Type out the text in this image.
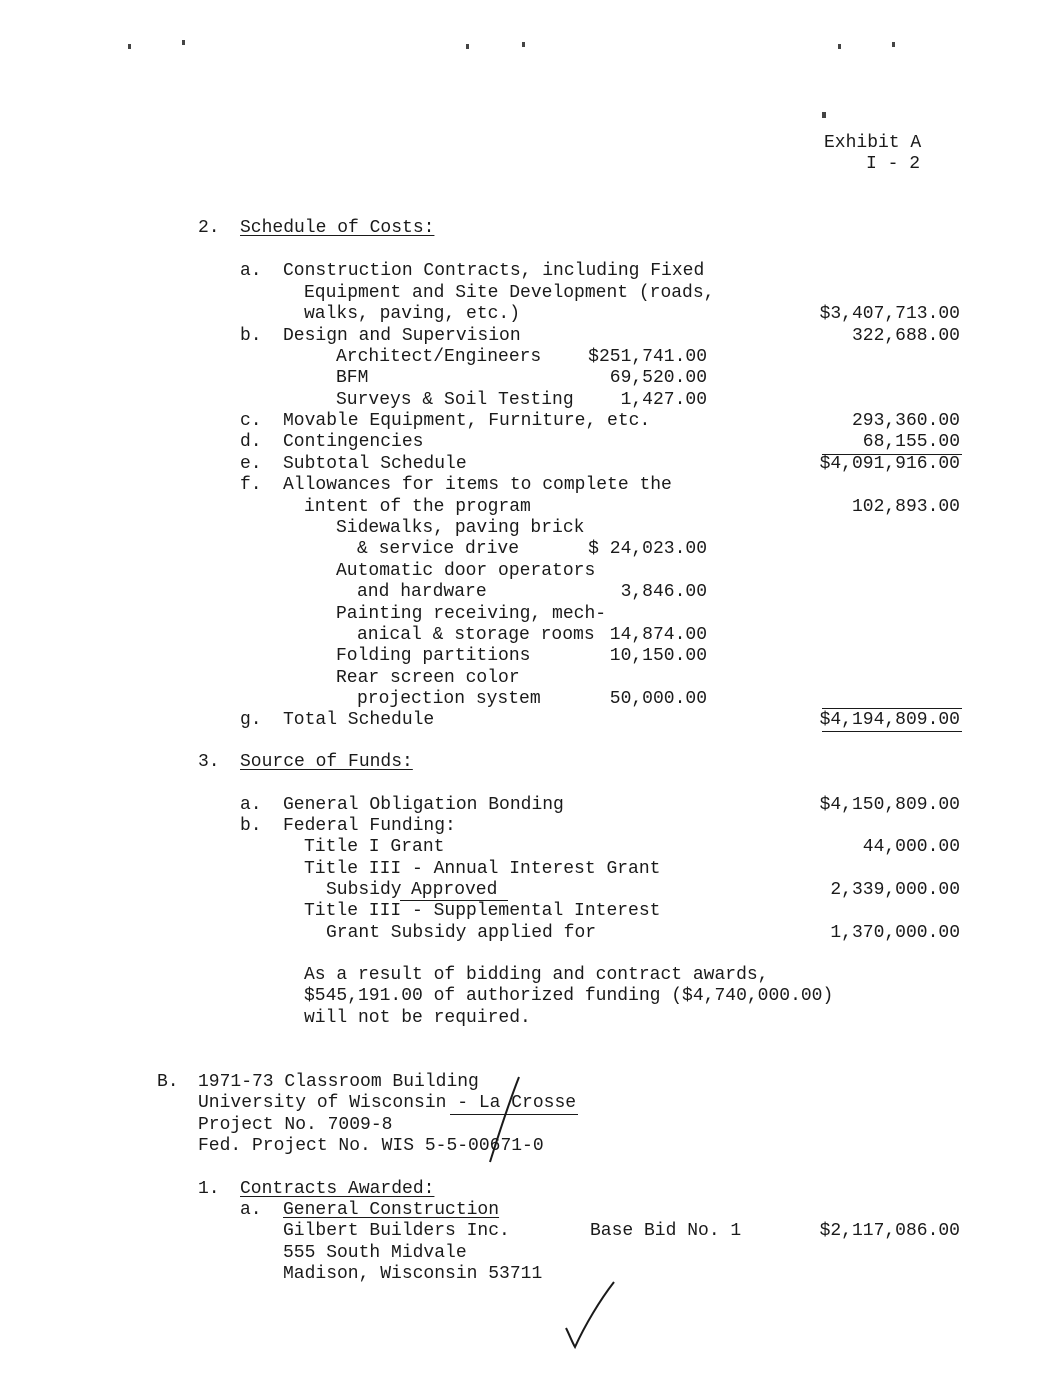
Exhibit A
I - 2
2. Schedule of Costs:
a. Construction Contracts, including Fixed
Equipment and Site Development (roads,
walks, paving, etc.)	$3,407,713.00
b. Design and Supervision	322,688.00
Architect/Engineers	$251,741.00
BFM	69,520.00
Surveys & Soil Testing	1,427.00
c. Movable Equipment, Furniture, etc.	293,360.00
d. Contingencies	68,155.00
e. Subtotal Schedule	$4,091,916.00
f. Allowances for items to complete the
intent of the program	102,893.00
Sidewalks, paving brick
& service drive	$ 24,023.00
Automatic door operators
and hardware	3,846.00
Painting receiving, mech-
anical & storage rooms 14,874.00
Folding partitions	10,150.00
Rear screen color
projection system	50,000.00
g. Total Schedule	$4,194,809.00
3. Source of Funds:
a. General Obligation Bonding	$4,150,809.00
b. Federal Funding:
Title I Grant	44,000.00
Title III - Annual Interest Grant
Subsidy Approved	2,339,000.00
Title III - Supplemental Interest
Grant Subsidy applied for	1,370,000.00
As a result of bidding and contract awards,
$545,191.00 of authorized funding ($4,740,000.00)
will not be required.
B. 1971-73 Classroom Building
University of Wisconsin - La Crosse
Project No. 7009-8
Fed. Project No. WIS 5-5-00671-0
1. Contracts Awarded:
a. General Construction
Gilbert Builders Inc.	Base Bid No. 1	$2,117,086.00
555 South Midvale
Madison, Wisconsin 53711
